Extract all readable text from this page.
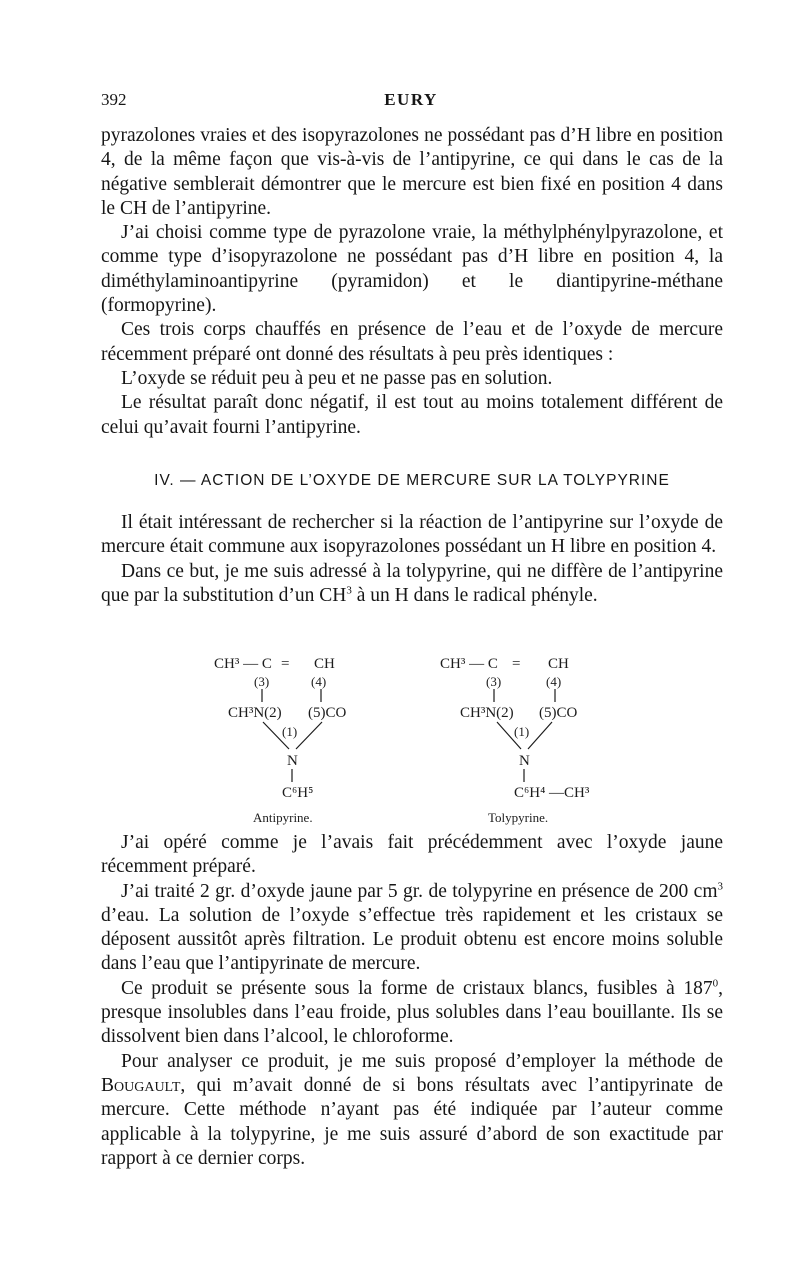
392	EURY

pyrazolones vraies et des isopyrazolones ne possédant pas d’H libre en position 4, de la même façon que vis-à-vis de l’antipyrine, ce qui dans le cas de la négative semblerait démontrer que le mercure est bien fixé en position 4 dans le CH de l’antipyrine.

J’ai choisi comme type de pyrazolone vraie, la méthylphénylpyrazolone, et comme type d’isopyrazolone ne possédant pas d’H libre en position 4, la diméthylaminoantipyrine (pyramidon) et le diantipyrine-méthane (formopyrine).

Ces trois corps chauffés en présence de l’eau et de l’oxyde de mercure récemment préparé ont donné des résultats à peu près identiques :

L’oxyde se réduit peu à peu et ne passe pas en solution.

Le résultat paraît donc négatif, il est tout au moins totalement différent de celui qu’avait fourni l’antipyrine.

IV. — ACTION DE L’OXYDE DE MERCURE SUR LA TOLYPYRINE

Il était intéressant de rechercher si la réaction de l’antipyrine sur l’oxyde de mercure était commune aux isopyrazolones possédant un H libre en position 4.

Dans ce but, je me suis adressé à la tolypyrine, qui ne diffère de l’antipyrine que par la substitution d’un $CH^3$ à un H dans le radical phényle.

CH³ — C = CH
(3)	(4)
CH³N(2) (5)CO
(1)
N
C⁶H⁵
Antipyrine.
CH³ — C = CH
(3)	(4)
CH³N(2) (5)CO
(1)
N
C⁶H⁴ —CH³
Tolypyrine.

J’ai opéré comme je l’avais fait précédemment avec l’oxyde jaune récemment préparé.

J’ai traité 2 gr. d’oxyde jaune par 5 gr. de tolypyrine en présence de 200 $cm^3$ d’eau. La solution de l’oxyde s’effectue très rapidement et les cristaux se déposent aussitôt après filtration. Le produit obtenu est encore moins soluble dans l’eau que l’antipyrinate de mercure.

Ce produit se présente sous la forme de cristaux blancs, fusibles à $187^0$, presque insolubles dans l’eau froide, plus solubles dans l’eau bouillante. Ils se dissolvent bien dans l’alcool, le chloroforme.

Pour analyser ce produit, je me suis proposé d’employer la méthode de Bougault, qui m’avait donné de si bons résultats avec l’antipyrinate de mercure. Cette méthode n’ayant pas été indiquée par l’auteur comme applicable à la tolypyrine, je me suis assuré d’abord de son exactitude par rapport à ce dernier corps.
